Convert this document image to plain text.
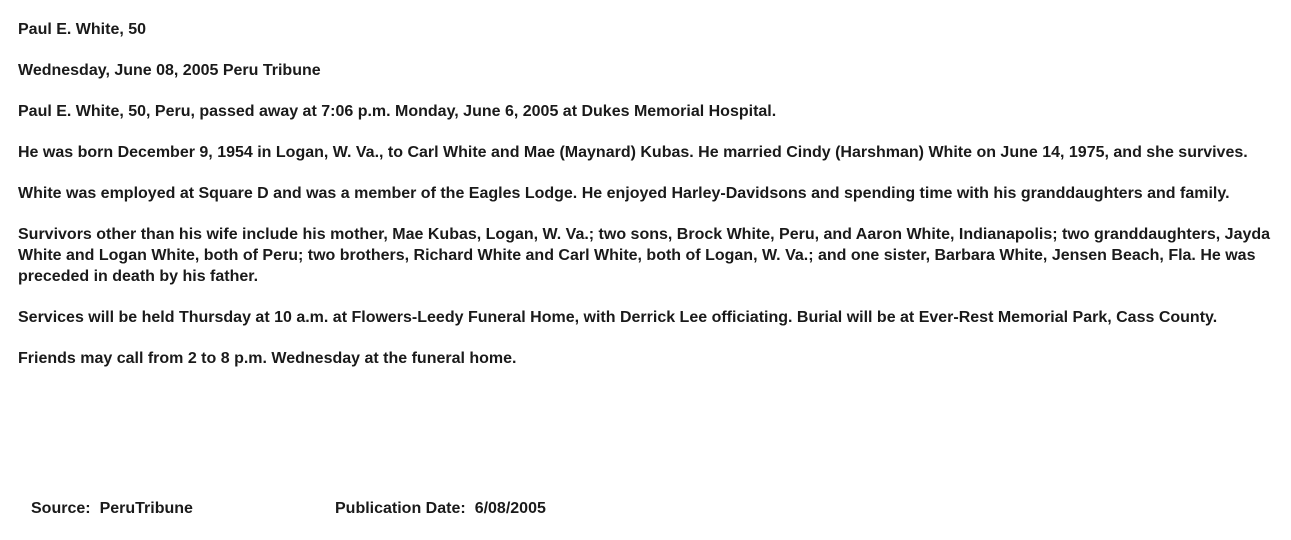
Paul E. White, 50

Wednesday, June 08, 2005 Peru Tribune

Paul E. White, 50, Peru, passed away at 7:06 p.m. Monday, June 6, 2005 at Dukes Memorial Hospital.

He was born December 9, 1954 in Logan, W. Va., to Carl White and Mae (Maynard) Kubas. He married Cindy (Harshman) White on June 14, 1975, and she survives.

White was employed at Square D and was a member of the Eagles Lodge. He enjoyed Harley-Davidsons and spending time with his granddaughters and family.

Survivors other than his wife include his mother, Mae Kubas, Logan, W. Va.; two sons, Brock White, Peru, and Aaron White, Indianapolis; two granddaughters, Jayda White and Logan White, both of Peru; two brothers, Richard White and Carl White, both of Logan, W. Va.; and one sister, Barbara White, Jensen Beach, Fla. He was preceded in death by his father.

Services will be held Thursday at 10 a.m. at Flowers-Leedy Funeral Home, with Derrick Lee officiating. Burial will be at Ever-Rest Memorial Park, Cass County.

Friends may call from 2 to 8 p.m. Wednesday at the funeral home.

Source: PeruTribune	Publication Date: 6/08/2005
